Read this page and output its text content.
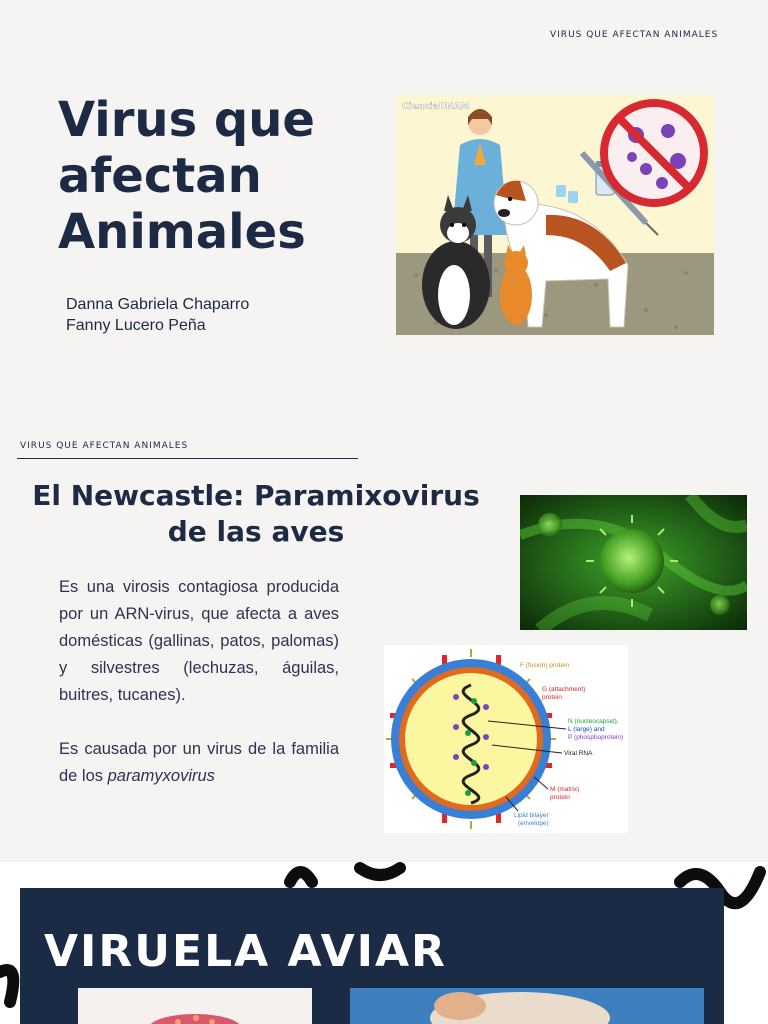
VIRUS QUE AFECTAN ANIMALES
Virus que
afectan
Animales
Danna Gabriela Chaparro
Fanny Lucero Peña
CienciaUNAM
VIRUS QUE AFECTAN ANIMALES
El Newcastle: Paramixovirus de las aves

Es una virosis contagiosa producida por un ARN-virus, que afecta a aves domésticas (gallinas, patos, palomas) y silvestres (lechuzas, águilas, buitres, tucanes).

Es causada por un virus de la familia de los paramyxovirus

F (fusion) protein
G (attachment)
protein
N (nucleocapsid),
L (large) and
P (phosphoprotein)
Viral RNA
M (matrix)
protein
Lipid bilayer
(envelope)
VIRUELA AVIAR
